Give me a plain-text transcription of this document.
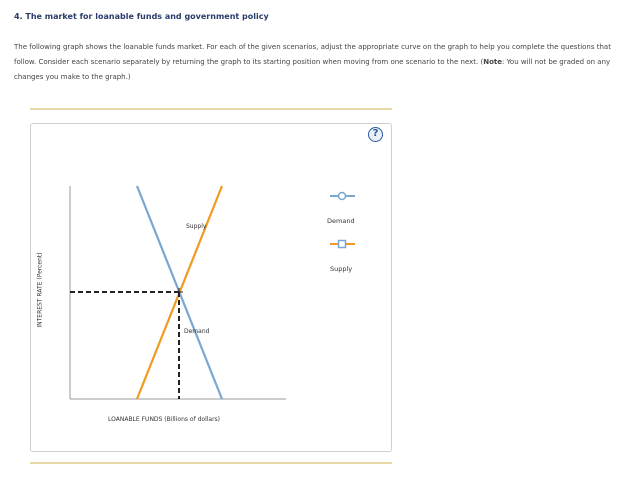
4. The market for loanable funds and government policy
The following graph shows the loanable funds market. For each of the given scenarios, adjust the appropriate curve on the graph to help you complete the questions that follow. Consider each scenario separately by returning the graph to its starting position when moving from one scenario to the next. (Note: You will not be graded on any changes you make to the graph.)
?
Supply
Demand
INTEREST RATE (Percent)
LOANABLE FUNDS (Billions of dollars)
Demand
Supply
